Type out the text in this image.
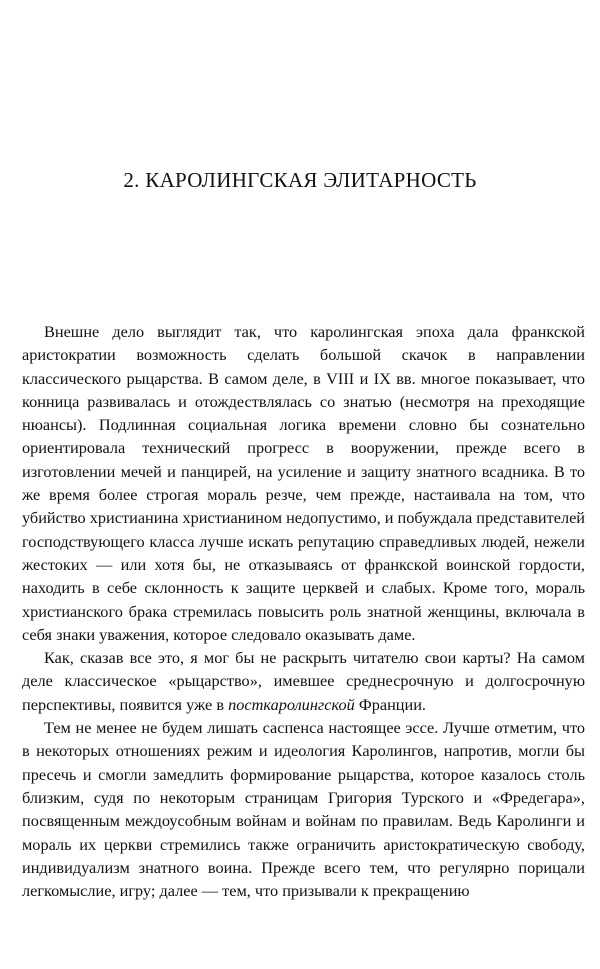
2. КАРОЛИНГСКАЯ ЭЛИТАРНОСТЬ

Внешне дело выглядит так, что каролингская эпоха дала франкской аристократии возможность сделать большой скачок в направлении классического рыцарства. В самом деле, в VIII и IX вв. многое показывает, что конница развивалась и отождествлялась со знатью (несмотря на преходящие нюансы). Подлинная социальная логика времени словно бы сознательно ориентировала технический прогресс в вооружении, прежде всего в изготовлении мечей и панцирей, на усиление и защиту знатного всадника. В то же время более строгая мораль резче, чем прежде, настаивала на том, что убийство христианина христианином недопустимо, и побуждала представителей господствующего класса лучше искать репутацию справедливых людей, нежели жестоких — или хотя бы, не отказываясь от франкской воинской гордости, находить в себе склонность к защите церквей и слабых. Кроме того, мораль христианского брака стремилась повысить роль знатной женщины, включала в себя знаки уважения, которое следовало оказывать даме.

Как, сказав все это, я мог бы не раскрыть читателю свои карты? На самом деле классическое «рыцарство», имевшее среднесрочную и долгосрочную перспективы, появится уже в посткаролингской Франции.

Тем не менее не будем лишать саспенса настоящее эссе. Лучше отметим, что в некоторых отношениях режим и идеология Каролингов, напротив, могли бы пресечь и смогли замедлить формирование рыцарства, которое казалось столь близким, судя по некоторым страницам Григория Турского и «Фредегара», посвященным междоусобным войнам и войнам по правилам. Ведь Каролинги и мораль их церкви стремились также ограничить аристократическую свободу, индивидуализм знатного воина. Прежде всего тем, что регулярно порицали легкомыслие, игру; далее — тем, что призывали к прекращению
